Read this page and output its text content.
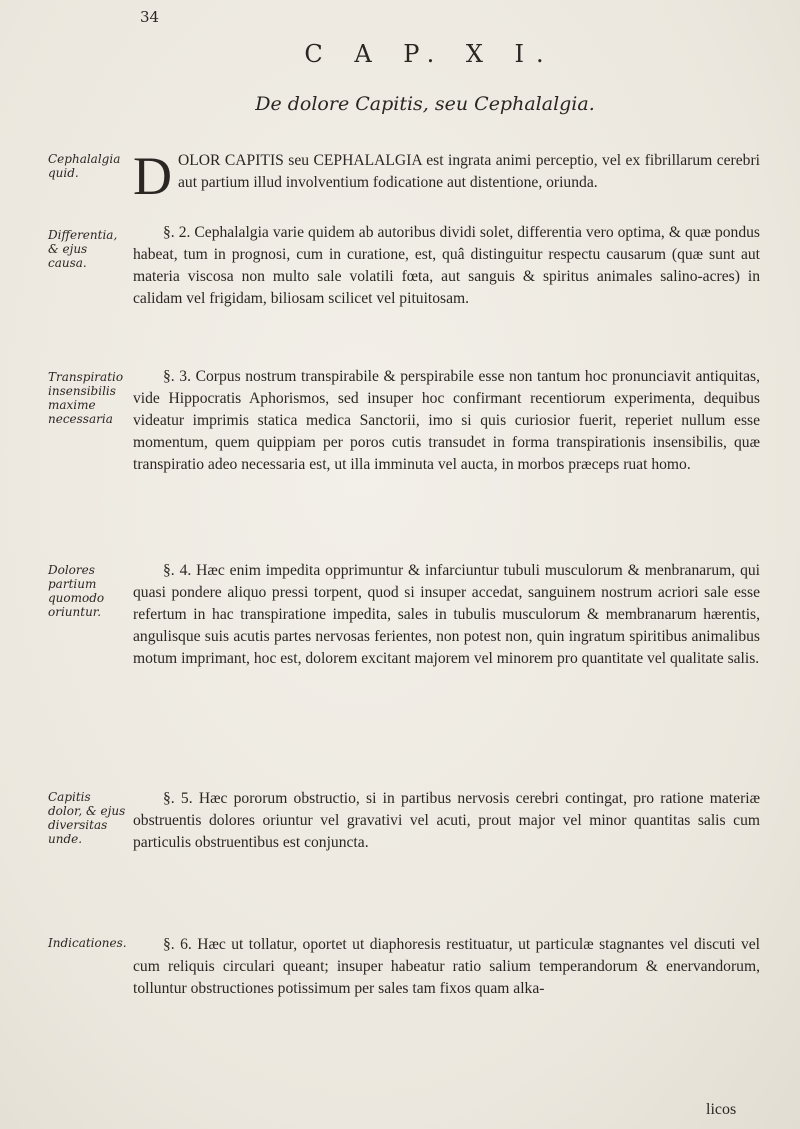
34
C A P. X I.
De dolore Capitis, seu Cephalalgia.
Cephalalgia quid.
Differentia, & ejus causa.
Transpiratio insensibilis maxime necessaria
Dolores partium quomodo oriuntur.
Capitis dolor, & ejus diversitas unde.
Indicationes.

DOLOR CAPITIS seu CEPHALALGIA est ingrata animi perceptio, vel ex fibrillarum cerebri aut partium illud involventium fodicatione aut distentione, oriunda.

§. 2. Cephalalgia varie quidem ab autoribus dividi solet, differentia vero optima, & quæ pondus habeat, tum in prognosi, cum in curatione, est, quâ distinguitur respectu causarum (quæ sunt aut materia viscosa non multo sale volatili fœta, aut sanguis & spiritus animales salino-acres) in calidam vel frigidam, biliosam scilicet vel pituitosam.

§. 3. Corpus nostrum transpirabile & perspirabile esse non tantum hoc pronunciavit antiquitas, vide Hippocratis Aphorismos, sed insuper hoc confirmant recentiorum experimenta, dequibus videatur imprimis statica medica Sanctorii, imo si quis curiosior fuerit, reperiet nullum esse momentum, quem quippiam per poros cutis transudet in forma transpirationis insensibilis, quæ transpiratio adeo necessaria est, ut illa imminuta vel aucta, in morbos præceps ruat homo.

§. 4. Hæc enim impedita opprimuntur & infarciuntur tubuli musculorum & menbranarum, qui quasi pondere aliquo pressi torpent, quod si insuper accedat, sanguinem nostrum acriori sale esse refertum in hac transpiratione impedita, sales in tubulis musculorum & membranarum hærentis, angulisque suis acutis partes nervosas ferientes, non potest non, quin ingratum spiritibus animalibus motum imprimant, hoc est, dolorem excitant majorem vel minorem pro quantitate vel qualitate salis.

§. 5. Hæc pororum obstructio, si in partibus nervosis cerebri contingat, pro ratione materiæ obstruentis dolores oriuntur vel gravativi vel acuti, prout major vel minor quantitas salis cum particulis obstruentibus est conjuncta.

§. 6. Hæc ut tollatur, oportet ut diaphoresis restituatur, ut particulæ stagnantes vel discuti vel cum reliquis circulari queant; insuper habeatur ratio salium temperandorum & enervandorum, tolluntur obstructiones potissimum per sales tam fixos quam alka-

licos
